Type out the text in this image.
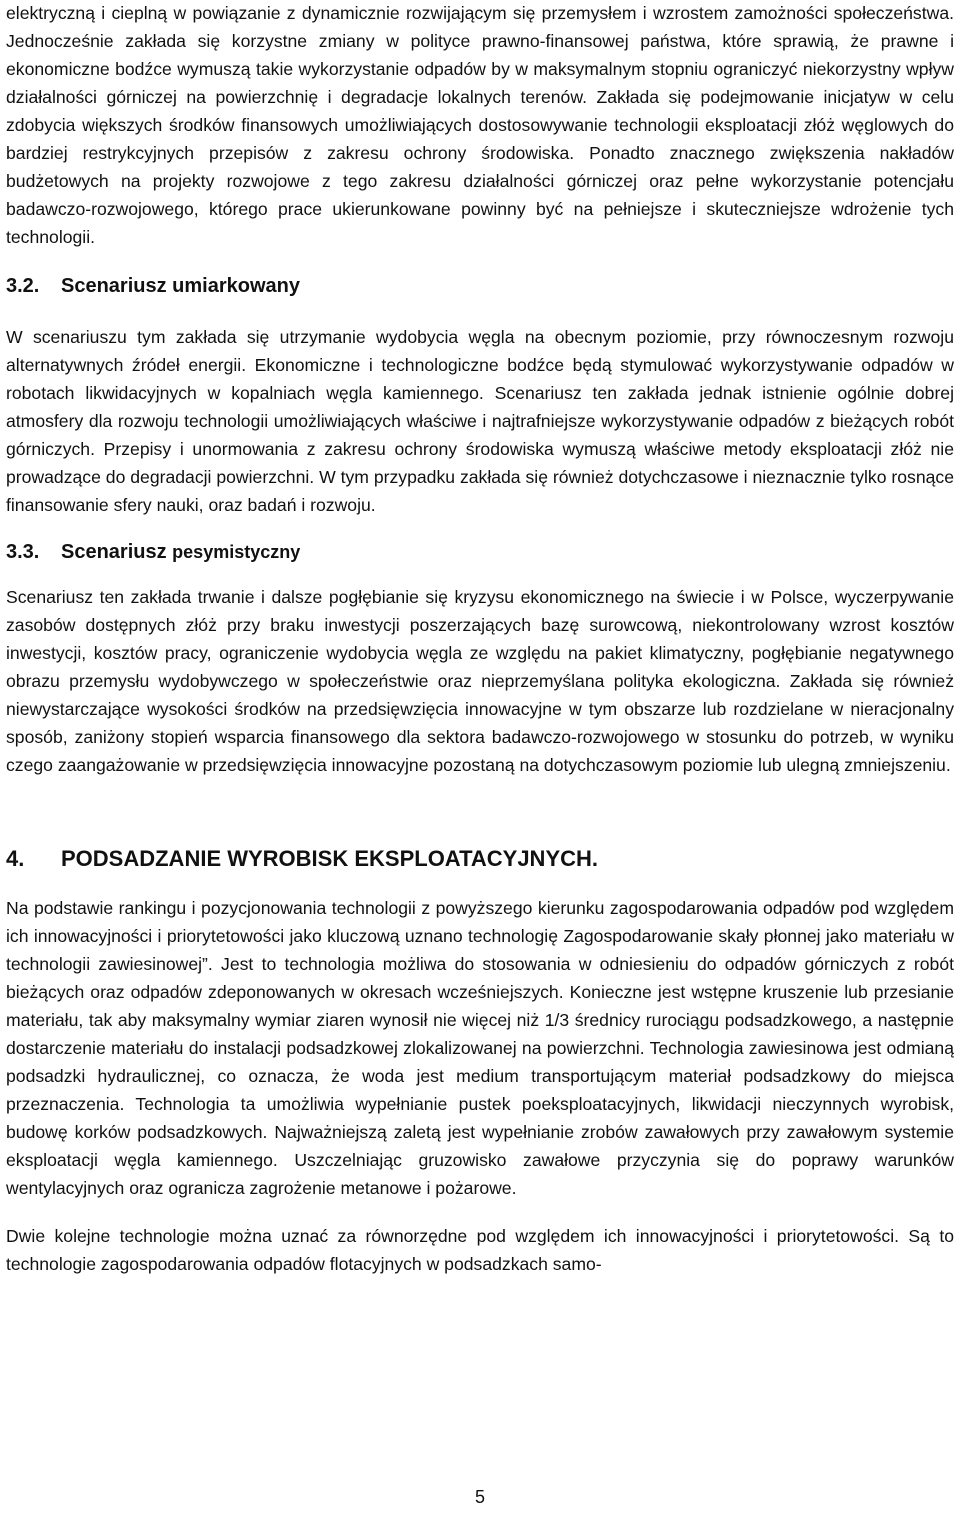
elektryczną i cieplną w powiązanie z dynamicznie rozwijającym się przemysłem i wzrostem zamożności społeczeństwa. Jednocześnie zakłada się korzystne zmiany w polityce prawno-finansowej państwa, które sprawią, że prawne i ekonomiczne bodźce wymuszą takie wykorzystanie odpadów by w maksymalnym stopniu ograniczyć niekorzystny wpływ działalności górniczej na powierzchnię i degradacje lokalnych terenów. Zakłada się podejmowanie inicjatyw w celu zdobycia większych środków finansowych umożliwiających dostosowywanie technologii eksploatacji złóż węglowych do bardziej restrykcyjnych przepisów z zakresu ochrony środowiska. Ponadto znacznego zwiększenia nakładów budżetowych na projekty rozwojowe z tego zakresu działalności górniczej oraz pełne wykorzystanie potencjału badawczo-rozwojowego, którego prace ukierunkowane powinny być na pełniejsze i skuteczniejsze wdrożenie tych technologii.

3.2. Scenariusz umiarkowany

W scenariuszu tym zakłada się utrzymanie wydobycia węgla na obecnym poziomie, przy równoczesnym rozwoju alternatywnych źródeł energii. Ekonomiczne i technologiczne bodźce będą stymulować wykorzystywanie odpadów w robotach likwidacyjnych w kopalniach węgla kamiennego. Scenariusz ten zakłada jednak istnienie ogólnie dobrej atmosfery dla rozwoju technologii umożliwiających właściwe i najtrafniejsze wykorzystywanie odpadów z bieżących robót górniczych. Przepisy i unormowania z zakresu ochrony środowiska wymuszą właściwe metody eksploatacji złóż nie prowadzące do degradacji powierzchni. W tym przypadku zakłada się również dotychczasowe i nieznacznie tylko rosnące finansowanie sfery nauki, oraz badań i rozwoju.

3.3. Scenariusz pesymistyczny

Scenariusz ten zakłada trwanie i dalsze pogłębianie się kryzysu ekonomicznego na świecie i w Polsce, wyczerpywanie zasobów dostępnych złóż przy braku inwestycji poszerzających bazę surowcową, niekontrolowany wzrost kosztów inwestycji, kosztów pracy, ograniczenie wydobycia węgla ze względu na pakiet klimatyczny, pogłębianie negatywnego obrazu przemysłu wydobywczego w społeczeństwie oraz nieprzemyślana polityka ekologiczna. Zakłada się również niewystarczające wysokości środków na przedsięwzięcia innowacyjne w tym obszarze lub rozdzielane w nieracjonalny sposób, zaniżony stopień wsparcia finansowego dla sektora badawczo-rozwojowego w stosunku do potrzeb, w wyniku czego zaangażowanie w przedsięwzięcia innowacyjne pozostaną na dotychczasowym poziomie lub ulegną zmniejszeniu.

4. PODSADZANIE WYROBISK EKSPLOATACYJNYCH.

Na podstawie rankingu i pozycjonowania technologii z powyższego kierunku zagospodarowania odpadów pod względem ich innowacyjności i priorytetowości jako kluczową uznano technologię Zagospodarowanie skały płonnej jako materiału w technologii zawiesinowej”. Jest to technologia możliwa do stosowania w odniesieniu do odpadów górniczych z robót bieżących oraz odpadów zdeponowanych w okresach wcześniejszych. Konieczne jest wstępne kruszenie lub przesianie materiału, tak aby maksymalny wymiar ziaren wynosił nie więcej niż 1/3 średnicy rurociągu podsadzkowego, a następnie dostarczenie materiału do instalacji podsadzkowej zlokalizowanej na powierzchni. Technologia zawiesinowa jest odmianą podsadzki hydraulicznej, co oznacza, że woda jest medium transportującym materiał podsadzkowy do miejsca przeznaczenia. Technologia ta umożliwia wypełnianie pustek poeksploatacyjnych, likwidacji nieczynnych wyrobisk, budowę korków podsadzkowych. Najważniejszą zaletą jest wypełnianie zrobów zawałowych przy zawałowym systemie eksploatacji węgla kamiennego. Uszczelniając gruzowisko zawałowe przyczynia się do poprawy warunków wentylacyjnych oraz ogranicza zagrożenie metanowe i pożarowe.

Dwie kolejne technologie można uznać za równorzędne pod względem ich innowacyjności i priorytetowości. Są to technologie zagospodarowania odpadów flotacyjnych w podsadzkach samo-

5
